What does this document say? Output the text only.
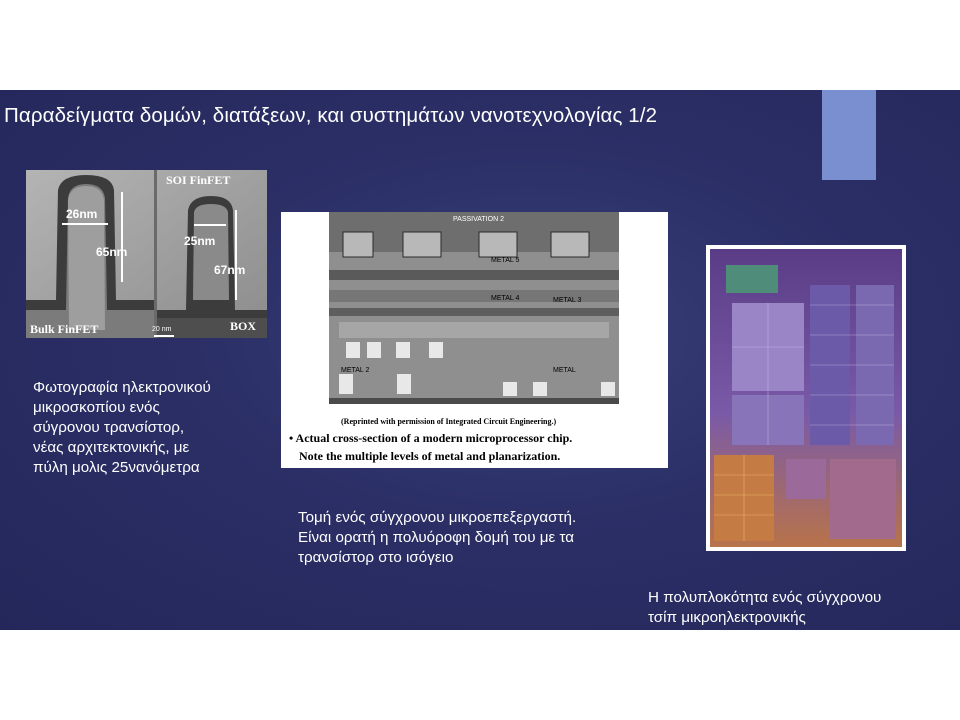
Παραδείγματα δομών, διατάξεων, και συστημάτων νανοτεχνολογίας 1/2
26nm
65nm
25nm
67nm
SOI FinFET
Bulk FinFET	BOX
20 nm
Φωτογραφία ηλεκτρονικού
μικροσκοπίου ενός
σύγρονου τρανσίστορ,
νέας αρχιτεκτονικής, με
πύλη μολις 25νανόμετρα
PASSIVATION 2
METAL 5
METAL 4	METAL 3
METAL 2	METAL
(Reprinted with permission of Integrated Circuit Engineering.)
• Actual cross-section of a modern microprocessor chip.
Note the multiple levels of metal and planarization.
Τομή ενός σύγχρονου μικροεπεξεργαστή.
Είναι ορατή η πολυόροφη δομή του με τα
τρανσίστορ στο ισόγειο
Η πολυπλοκότητα ενός σύγχρονου
τσίπ μικροηλεκτρονικής
